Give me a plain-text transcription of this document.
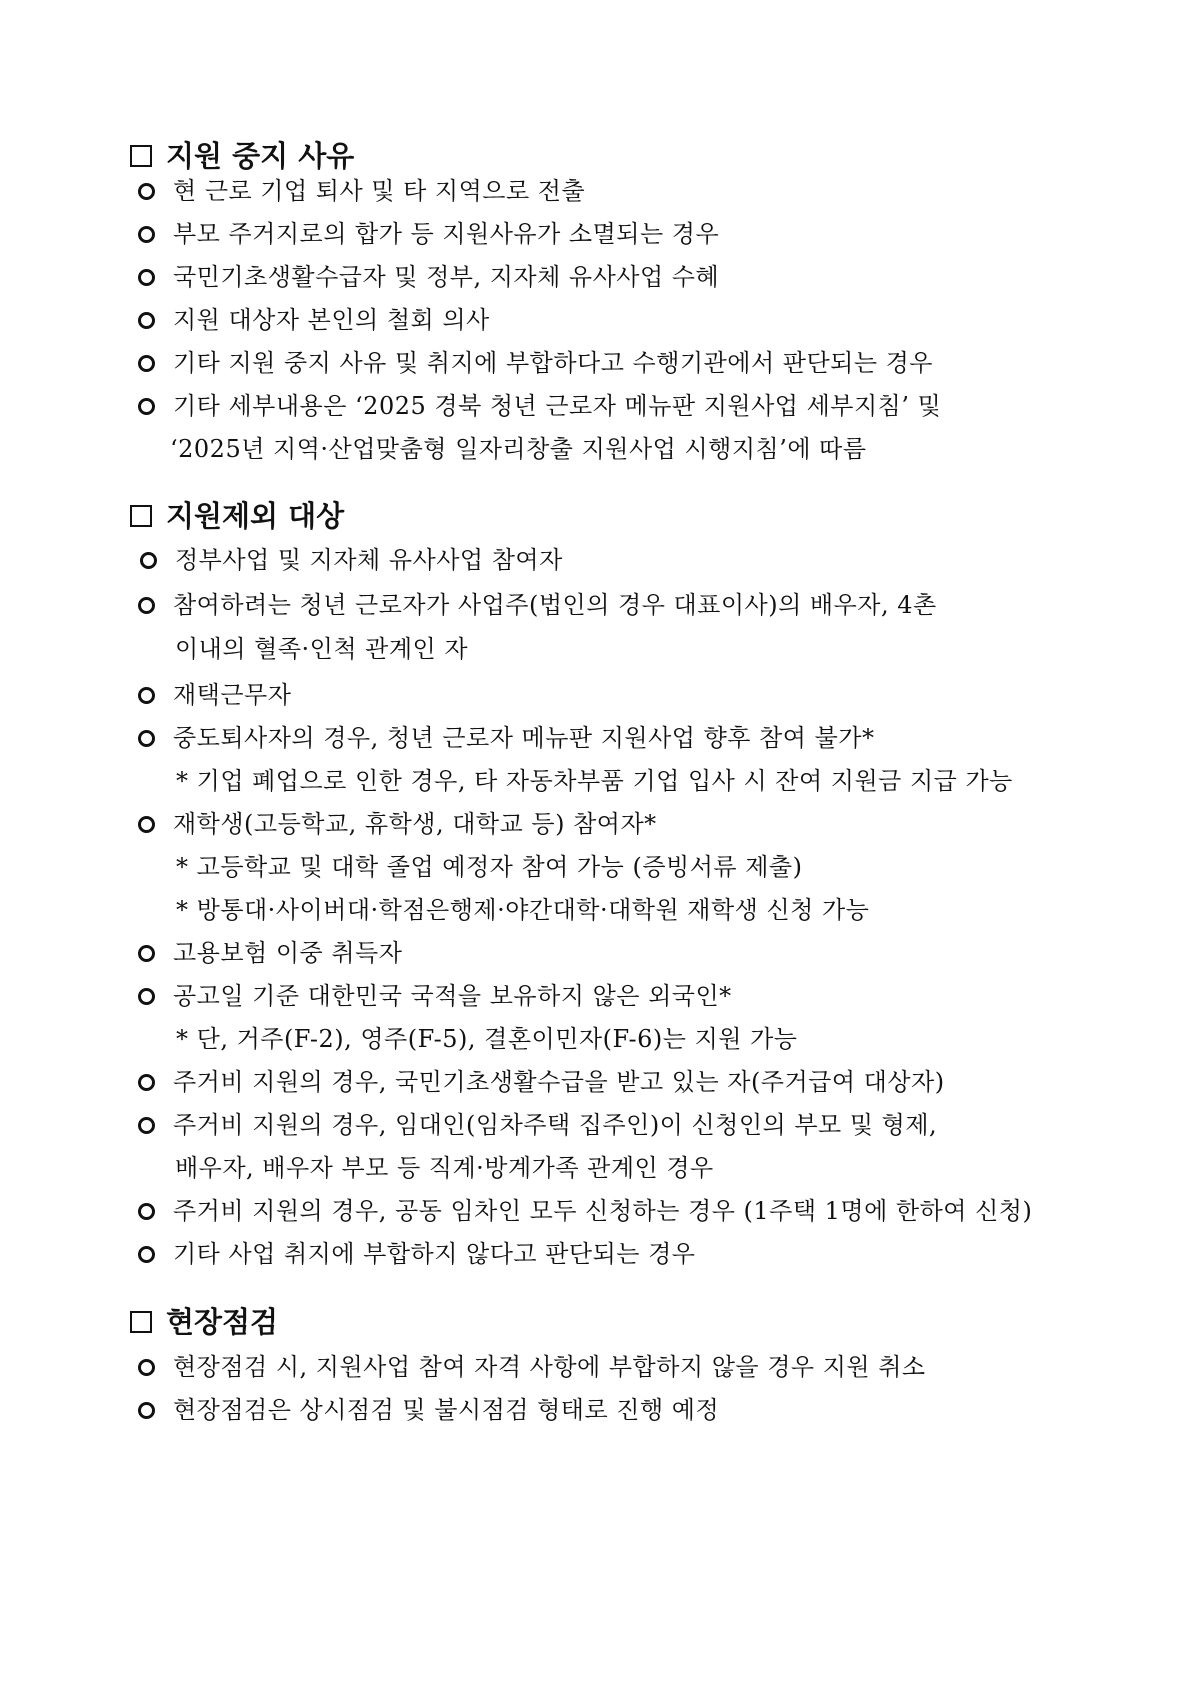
지원 중지 사유
현 근로 기업 퇴사 및 타 지역으로 전출
부모 주거지로의 합가 등 지원사유가 소멸되는 경우
국민기초생활수급자 및 정부, 지자체 유사사업 수혜
지원 대상자 본인의 철회 의사
기타 지원 중지 사유 및 취지에 부합하다고 수행기관에서 판단되는 경우
기타 세부내용은 ‘2025 경북 청년 근로자 메뉴판 지원사업 세부지침’ 및
‘2025년 지역·산업맞춤형 일자리창출 지원사업 시행지침’에 따름
지원제외 대상
정부사업 및 지자체 유사사업 참여자
참여하려는 청년 근로자가 사업주(법인의 경우 대표이사)의 배우자, 4촌
이내의 혈족·인척 관계인 자
재택근무자
중도퇴사자의 경우, 청년 근로자 메뉴판 지원사업 향후 참여 불가*
* 기업 폐업으로 인한 경우, 타 자동차부품 기업 입사 시 잔여 지원금 지급 가능
재학생(고등학교, 휴학생, 대학교 등) 참여자*
* 고등학교 및 대학 졸업 예정자 참여 가능 (증빙서류 제출)
* 방통대·사이버대·학점은행제·야간대학·대학원 재학생 신청 가능
고용보험 이중 취득자
공고일 기준 대한민국 국적을 보유하지 않은 외국인*
* 단, 거주(F-2), 영주(F-5), 결혼이민자(F-6)는 지원 가능
주거비 지원의 경우, 국민기초생활수급을 받고 있는 자(주거급여 대상자)
주거비 지원의 경우, 임대인(임차주택 집주인)이 신청인의 부모 및 형제,
배우자, 배우자 부모 등 직계·방계가족 관계인 경우
주거비 지원의 경우, 공동 임차인 모두 신청하는 경우 (1주택 1명에 한하여 신청)
기타 사업 취지에 부합하지 않다고 판단되는 경우
현장점검
현장점검 시, 지원사업 참여 자격 사항에 부합하지 않을 경우 지원 취소
현장점검은 상시점검 및 불시점검 형태로 진행 예정
